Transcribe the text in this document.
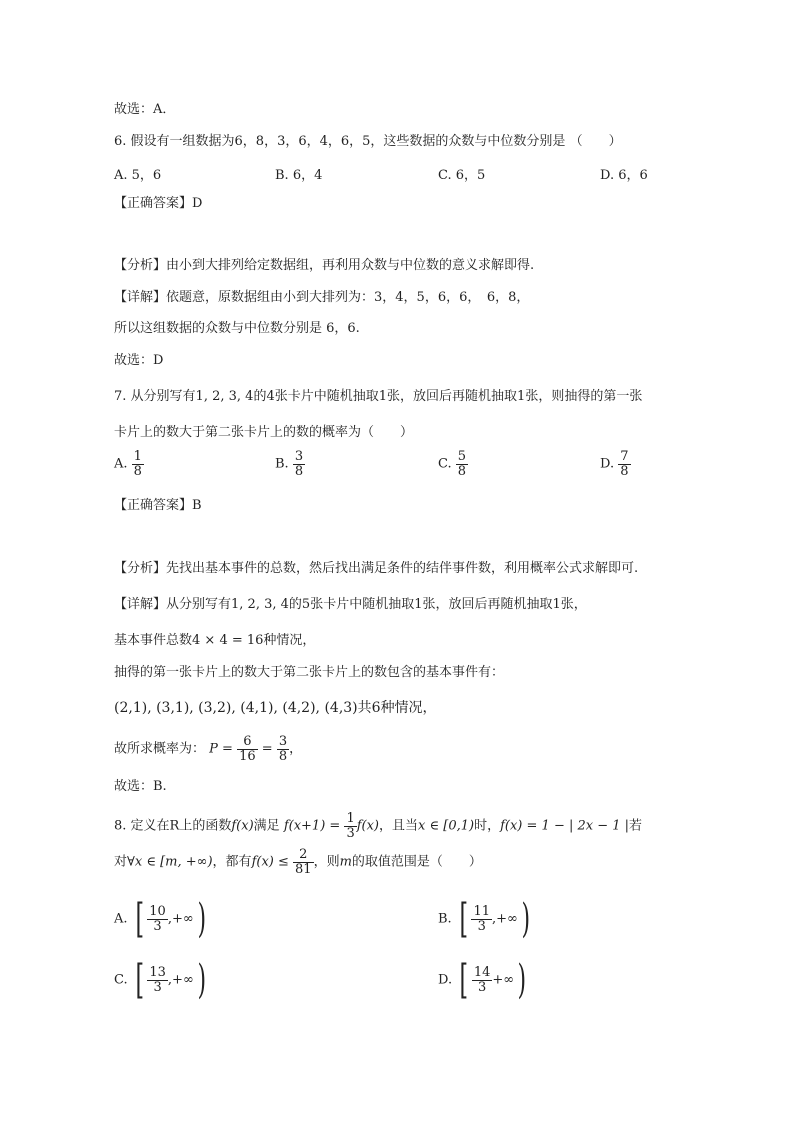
故选：A．
6. 假设有一组数据为6，8，3，6，4，6，5，这些数据的众数与中位数分别是 （　　）
A. 5，6	B. 6，4	C. 6，5	D. 6，6
【正确答案】D
【分析】由小到大排列给定数据组，再利用众数与中位数的意义求解即得.
【详解】依题意，原数据组由小到大排列为：3，4，5，6，6，　6，8，
所以这组数据的众数与中位数分别是 6，6.
故选：D
7. 从分别写有1, 2, 3, 4的4张卡片中随机抽取1张，放回后再随机抽取1张，则抽得的第一张
卡片上的数大于第二张卡片上的数的概率为（　　）
A. $\frac{1}{8}$	B. $\frac{3}{8}$	C. $\frac{5}{8}$	D. $\frac{7}{8}$
【正确答案】B
【分析】先找出基本事件的总数，然后找出满足条件的结伴事件数，利用概率公式求解即可.
【详解】从分别写有1, 2, 3, 4的5张卡片中随机抽取1张，放回后再随机抽取1张，
基本事件总数4 × 4 = 16种情况，
抽得的第一张卡片上的数大于第二张卡片上的数包含的基本事件有：
(2,1), (3,1), (3,2), (4,1), (4,2), (4,3)共6种情况，
故所求概率为： $P = \frac{6}{16} = \frac{3}{8}$ ，
故选：B.
8. 定义在R上的函数f(x)满足 $f(x+1) = \frac{1}{3} f(x)$，且当x ∈ [0,1)时，f(x) = 1 − | 2x − 1 |若
对∀x ∈ [m, +∞)，都有$f(x) \le \frac{2}{81}$ ，则m的取值范围是（　　）
A. [ $\frac{10}{3}$ ,+∞)	B. [ $\frac{11}{3}$ ,+∞)
C. [ $\frac{13}{3}$ ,+∞)	D. [ $\frac{14}{3}$ +∞)
